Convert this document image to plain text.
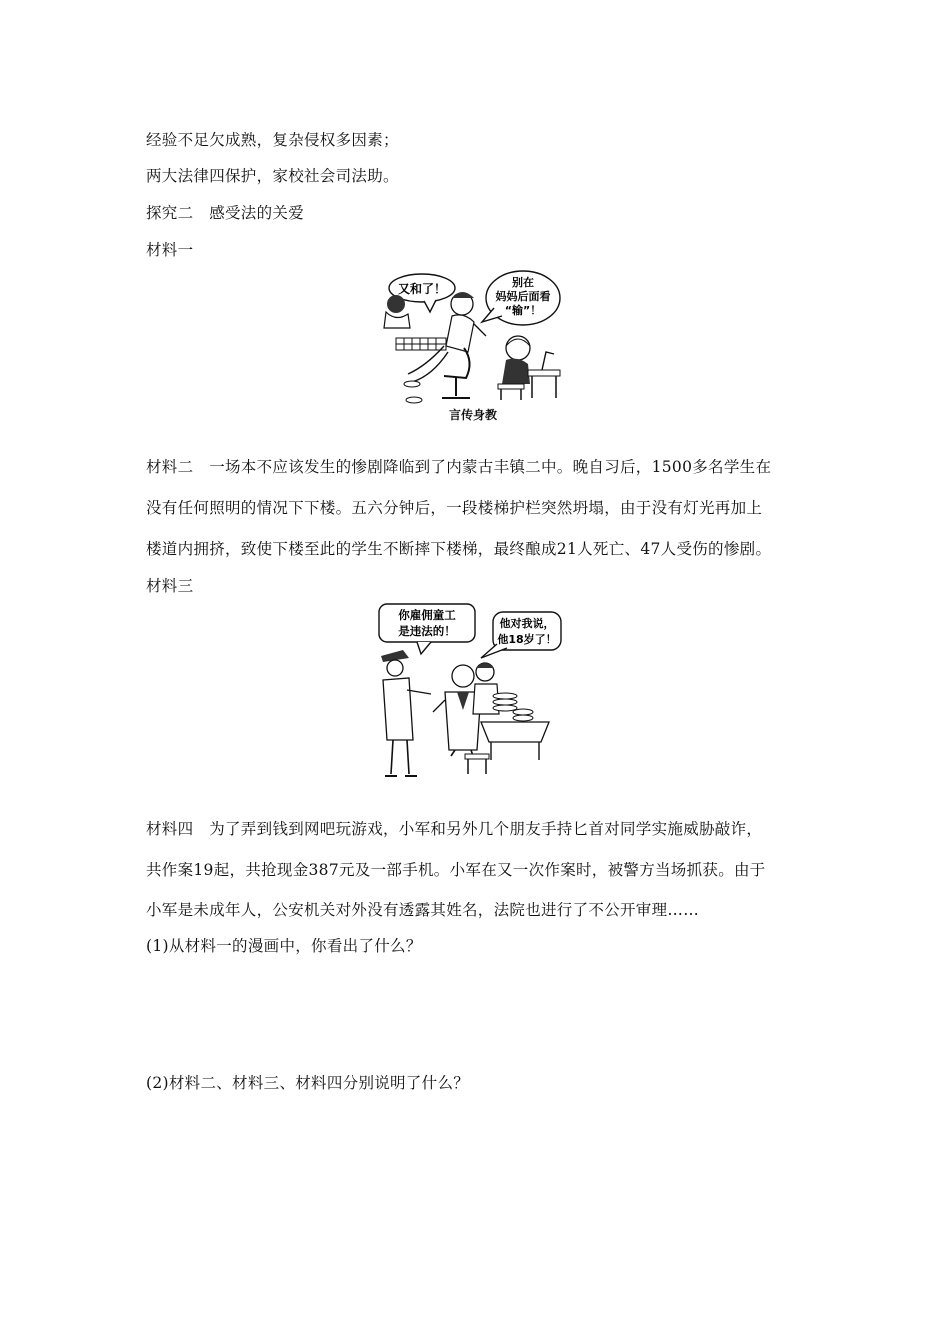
经验不足欠成熟，复杂侵权多因素；
两大法律四保护，家校社会司法助。
探究二　感受法的关爱
材料一
又和了！	别在
妈妈后面看
“输”！
言传身教
材料二　一场本不应该发生的惨剧降临到了内蒙古丰镇二中。晚自习后，1500多名学生在
没有任何照明的情况下下楼。五六分钟后，一段楼梯护栏突然坍塌，由于没有灯光再加上
楼道内拥挤，致使下楼至此的学生不断摔下楼梯，最终酿成21人死亡、47人受伤的惨剧。
材料三
你雇佣童工
是违法的！
他对我说，
他18岁了！
材料四　为了弄到钱到网吧玩游戏，小军和另外几个朋友手持匕首对同学实施威胁敲诈，
共作案19起，共抢现金387元及一部手机。小军在又一次作案时，被警方当场抓获。由于
小军是未成年人，公安机关对外没有透露其姓名，法院也进行了不公开审理……
(1)从材料一的漫画中，你看出了什么？
(2)材料二、材料三、材料四分别说明了什么？
